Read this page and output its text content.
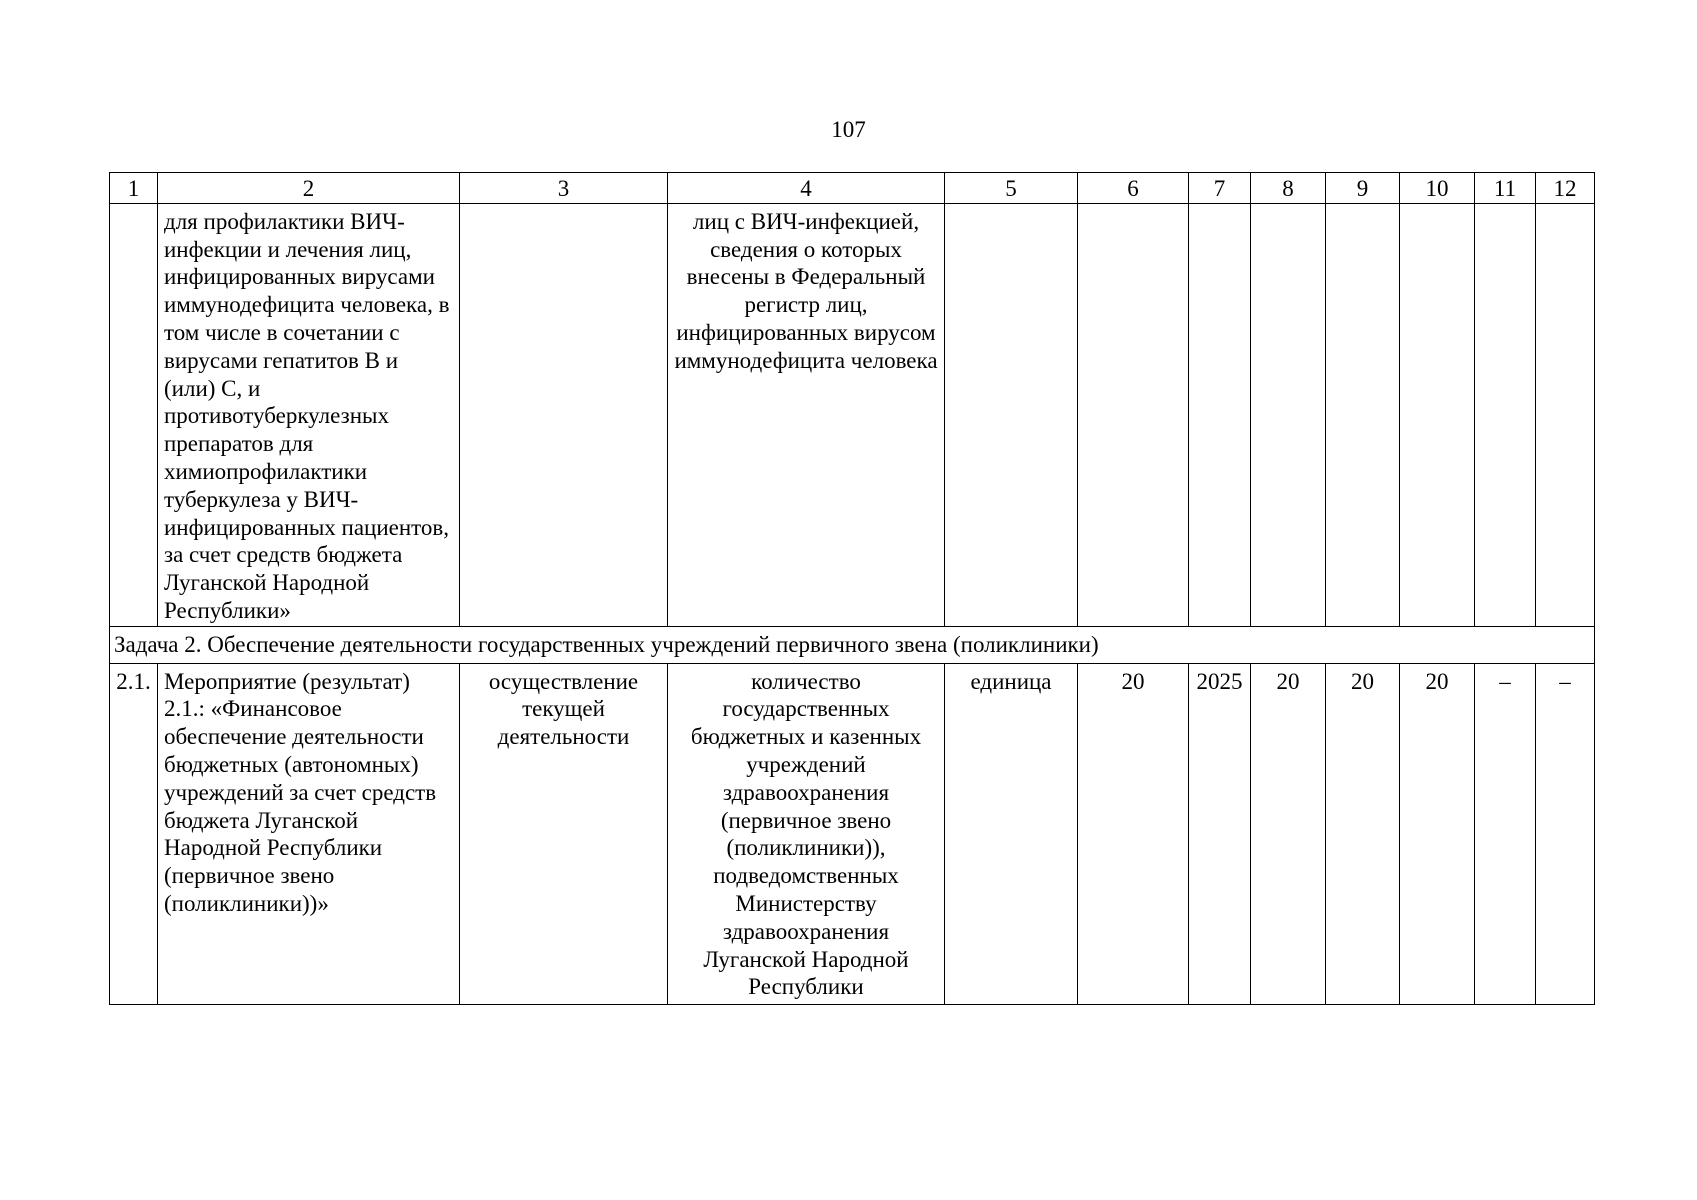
107
1	2	3	4	5	6	7	8	9	10	11	12
	для профилактики ВИЧ-инфекции и лечения лиц, инфицированных вирусами иммунодефицита человека, в том числе в сочетании с вирусами гепатитов В и (или) С, и противотуберкулезных препаратов для химиопрофилактики туберкулеза у ВИЧ-инфицированных пациентов, за счет средств бюджета Луганской Народной Республики»		лиц с ВИЧ-инфекцией, сведения о которых внесены в Федеральный регистр лиц, инфицированных вирусом иммунодефицита человека								
Задача 2. Обеспечение деятельности государственных учреждений первичного звена (поликлиники)											
2.1.	Мероприятие (результат) 2.1.: «Финансовое обеспечение деятельности бюджетных (автономных) учреждений за счет средств бюджета Луганской Народной Республики (первичное звено (поликлиники))»	осуществление текущей деятельности	количество государственных бюджетных и казенных учреждений здравоохранения (первичное звено (поликлиники)), подведомственных Министерству здравоохранения Луганской Народной Республики	единица	20	2025	20	20	20	–	–
